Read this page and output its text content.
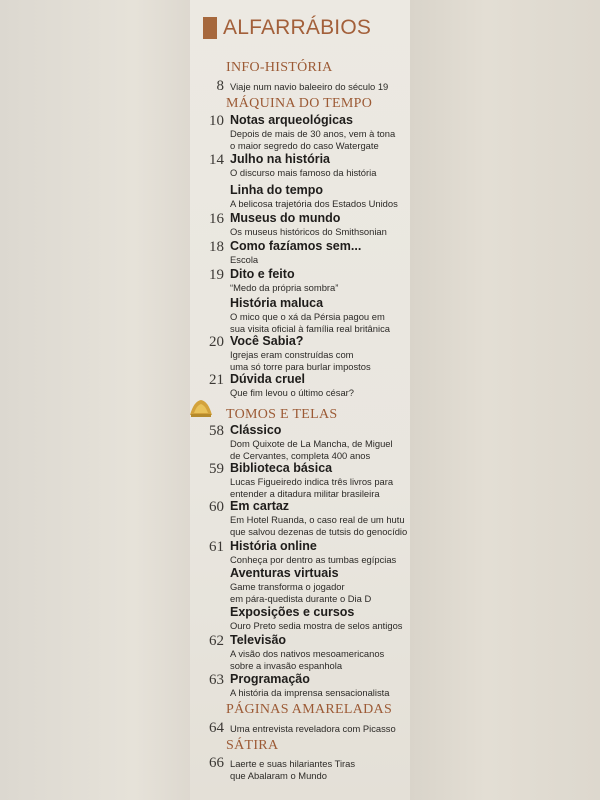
ALFARRÁBIOS
INFO-HISTÓRIA
8 Viaje num navio baleeiro do século 19
MÁQUINA DO TEMPO
10 Notas arqueológicas
Depois de mais de 30 anos, vem à tona
o maior segredo do caso Watergate
14 Julho na história
O discurso mais famoso da história
Linha do tempo
A belicosa trajetória dos Estados Unidos
16 Museus do mundo
Os museus históricos do Smithsonian
18 Como fazíamos sem...
Escola
19 Dito e feito
“Medo da própria sombra”
História maluca
O mico que o xá da Pérsia pagou em
sua visita oficial à família real britânica
20 Você Sabia?
Igrejas eram construídas com
uma só torre para burlar impostos
21 Dúvida cruel
Que fim levou o último césar?
58 Clássico
Dom Quixote de La Mancha, de Miguel
de Cervantes, completa 400 anos
59 Biblioteca básica
Lucas Figueiredo indica três livros para
entender a ditadura militar brasileira
60 Em cartaz
Em Hotel Ruanda, o caso real de um hutu
que salvou dezenas de tutsis do genocídio
61 História online
Conheça por dentro as tumbas egípcias
Aventuras virtuais
Game transforma o jogador
em pára-quedista durante o Dia D
Exposições e cursos
Ouro Preto sedia mostra de selos antigos
62 Televisão
A visão dos nativos mesoamericanos
sobre a invasão espanhola
63 Programação
A história da imprensa sensacionalista
TOMOS E TELAS
PÁGINAS AMARELADAS
64 Uma entrevista reveladora com Picasso
SÁTIRA
66 Laerte e suas hilariantes Tiras
que Abalaram o Mundo
